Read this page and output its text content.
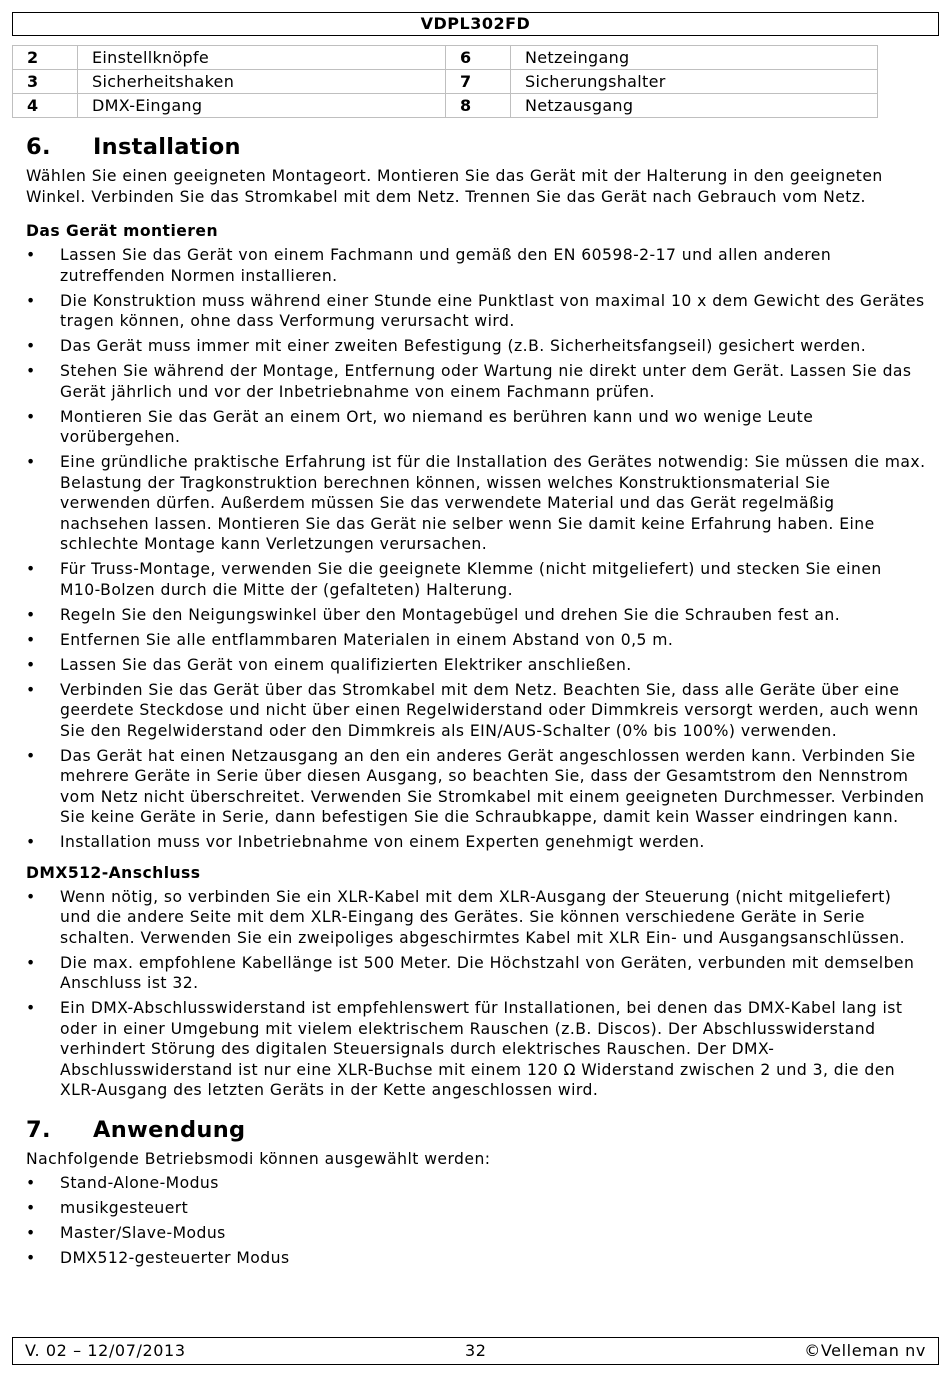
VDPL302FD
2	Einstellknöpfe	6	Netzeingang
3	Sicherheitshaken	7	Sicherungshalter
4	DMX-Eingang	8	Netzausgang
6. Installation

Wählen Sie einen geeigneten Montageort. Montieren Sie das Gerät mit der Halterung in den geeigneten Winkel. Verbinden Sie das Stromkabel mit dem Netz. Trennen Sie das Gerät nach Gebrauch vom Netz.

Das Gerät montieren
•	Lassen Sie das Gerät von einem Fachmann und gemäß den EN 60598-2-17 und allen anderen zutreffenden Normen installieren.
•	Die Konstruktion muss während einer Stunde eine Punktlast von maximal 10 x dem Gewicht des Gerätes tragen können, ohne dass Verformung verursacht wird.
•	Das Gerät muss immer mit einer zweiten Befestigung (z.B. Sicherheitsfangseil) gesichert werden.
•	Stehen Sie während der Montage, Entfernung oder Wartung nie direkt unter dem Gerät. Lassen Sie das Gerät jährlich und vor der Inbetriebnahme von einem Fachmann prüfen.
•	Montieren Sie das Gerät an einem Ort, wo niemand es berühren kann und wo wenige Leute vorübergehen.
•	Eine gründliche praktische Erfahrung ist für die Installation des Gerätes notwendig: Sie müssen die max. Belastung der Tragkonstruktion berechnen können, wissen welches Konstruktionsmaterial Sie verwenden dürfen. Außerdem müssen Sie das verwendete Material und das Gerät regelmäßig nachsehen lassen. Montieren Sie das Gerät nie selber wenn Sie damit keine Erfahrung haben. Eine schlechte Montage kann Verletzungen verursachen.
•	Für Truss-Montage, verwenden Sie die geeignete Klemme (nicht mitgeliefert) und stecken Sie einen M10-Bolzen durch die Mitte der (gefalteten) Halterung.
•	Regeln Sie den Neigungswinkel über den Montagebügel und drehen Sie die Schrauben fest an.
•	Entfernen Sie alle entflammbaren Materialen in einem Abstand von 0,5 m.
•	Lassen Sie das Gerät von einem qualifizierten Elektriker anschließen.
•	Verbinden Sie das Gerät über das Stromkabel mit dem Netz. Beachten Sie, dass alle Geräte über eine geerdete Steckdose und nicht über einen Regelwiderstand oder Dimmkreis versorgt werden, auch wenn Sie den Regelwiderstand oder den Dimmkreis als EIN/AUS-Schalter (0% bis 100%) verwenden.
•	Das Gerät hat einen Netzausgang an den ein anderes Gerät angeschlossen werden kann. Verbinden Sie mehrere Geräte in Serie über diesen Ausgang, so beachten Sie, dass der Gesamtstrom den Nennstrom vom Netz nicht überschreitet. Verwenden Sie Stromkabel mit einem geeigneten Durchmesser. Verbinden Sie keine Geräte in Serie, dann befestigen Sie die Schraubkappe, damit kein Wasser eindringen kann.
•	Installation muss vor Inbetriebnahme von einem Experten genehmigt werden.
DMX512-Anschluss
•	Wenn nötig, so verbinden Sie ein XLR-Kabel mit dem XLR-Ausgang der Steuerung (nicht mitgeliefert) und die andere Seite mit dem XLR-Eingang des Gerätes. Sie können verschiedene Geräte in Serie schalten. Verwenden Sie ein zweipoliges abgeschirmtes Kabel mit XLR Ein- und Ausgangsanschlüssen.
•	Die max. empfohlene Kabellänge ist 500 Meter. Die Höchstzahl von Geräten, verbunden mit demselben Anschluss ist 32.
•	Ein DMX-Abschlusswiderstand ist empfehlenswert für Installationen, bei denen das DMX-Kabel lang ist oder in einer Umgebung mit vielem elektrischem Rauschen (z.B. Discos). Der Abschlusswiderstand verhindert Störung des digitalen Steuersignals durch elektrisches Rauschen. Der DMX-Abschlusswiderstand ist nur eine XLR-Buchse mit einem 120 Ω Widerstand zwischen 2 und 3, die den XLR-Ausgang des letzten Geräts in der Kette angeschlossen wird.
7. Anwendung

Nachfolgende Betriebsmodi können ausgewählt werden:

•	Stand-Alone-Modus
•	musikgesteuert
•	Master/Slave-Modus
•	DMX512-gesteuerter Modus
V. 02 – 12/07/2013	32	©Velleman nv
